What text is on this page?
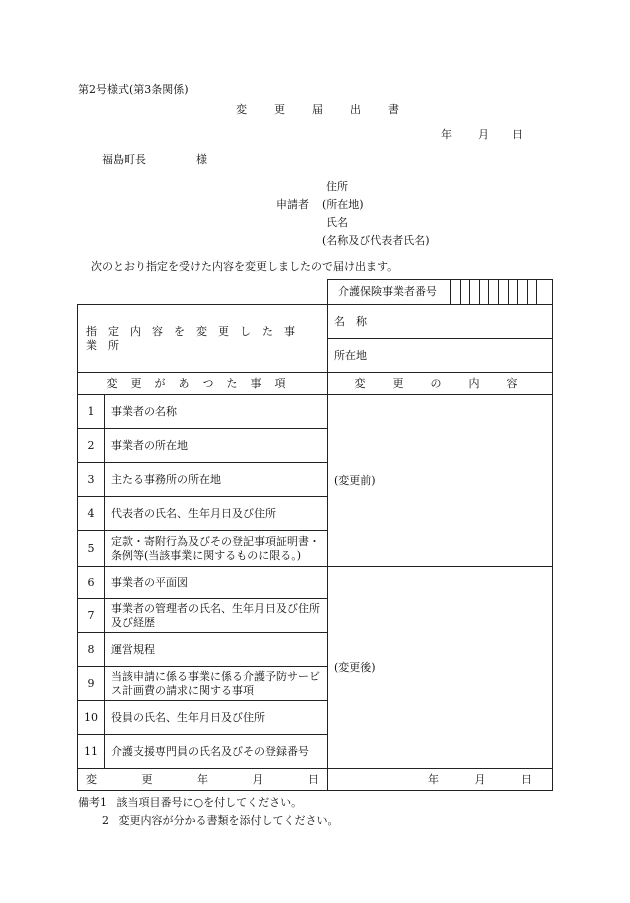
第2号様式(第3条関係)
変　更　届　出　書
年 月 日
福島町長	様
住所
申請者 (所在地)
氏名
(名称及び代表者氏名)
次のとおり指定を受けた内容を変更しましたので届け出ます。

		介護保険事業者番号

指定内容を変更した事業所		名　称
		所在地
変更があつた事項		変　更　の　内　容
1	事業者の名称	(変更前)
2	事業者の所在地	
3	主たる事務所の所在地	
4	代表者の氏名、生年月日及び住所	
5	定款・寄附行為及びその登記事項証明書・条例等(当該事業に関するものに限る。)	
6	事業者の平面図	(変更後)
7	事業者の管理者の氏名、生年月日及び住所及び経歴	
8	運営規程	
9	当該申請に係る事業に係る介護予防サービス計画費の請求に関する事項	
10	役員の氏名、生年月日及び住所	
11	介護支援専門員の氏名及びその登録番号	

変 更 年 月 日		年 月 日
備考1 該当項目番号に○を付してください。
2 変更内容が分かる書類を添付してください。
